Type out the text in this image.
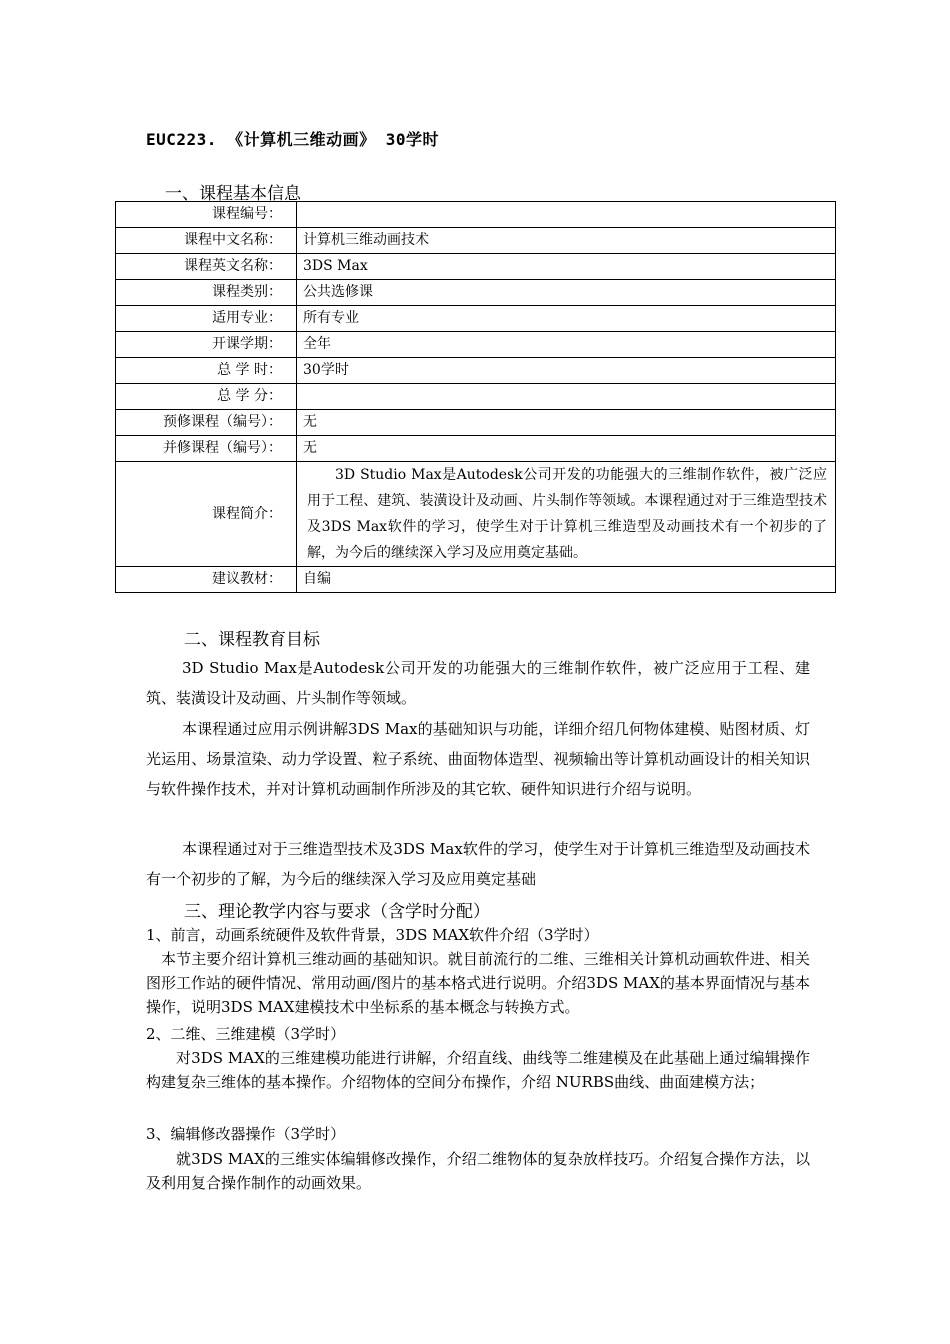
EUC223. 《计算机三维动画》 30学时
一、课程基本信息
课程编号：	
课程中文名称：	计算机三维动画技术
课程英文名称：	3DS Max
课程类别：	公共选修课
适用专业：	所有专业
开课学期：	全年
总 学 时：	30学时
总 学 分：	
预修课程（编号）：	无
并修课程（编号）：	无
课程简介：	3D Studio Max是Autodesk公司开发的功能强大的三维制作软件，被广泛应用于工程、建筑、装潢设计及动画、片头制作等领域。本课程通过对于三维造型技术及3DS Max软件的学习，使学生对于计算机三维造型及动画技术有一个初步的了解，为今后的继续深入学习及应用奠定基础。
建议教材：	自编
二、课程教育目标
3D Studio Max是Autodesk公司开发的功能强大的三维制作软件，被广泛应用于工程、建筑、装潢设计及动画、片头制作等领域。
本课程通过应用示例讲解3DS Max的基础知识与功能，详细介绍几何物体建模、贴图材质、灯光运用、场景渲染、动力学设置、粒子系统、曲面物体造型、视频输出等计算机动画设计的相关知识与软件操作技术，并对计算机动画制作所涉及的其它软、硬件知识进行介绍与说明。
本课程通过对于三维造型技术及3DS Max软件的学习，使学生对于计算机三维造型及动画技术有一个初步的了解，为今后的继续深入学习及应用奠定基础
三、理论教学内容与要求（含学时分配）
1、前言，动画系统硬件及软件背景，3DS MAX软件介绍（3学时）
本节主要介绍计算机三维动画的基础知识。就目前流行的二维、三维相关计算机动画软件进、相关图形工作站的硬件情况、常用动画/图片的基本格式进行说明。介绍3DS MAX的基本界面情况与基本操作，说明3DS MAX建模技术中坐标系的基本概念与转换方式。
2、二维、三维建模（3学时）
对3DS MAX的三维建模功能进行讲解，介绍直线、曲线等二维建模及在此基础上通过编辑操作构建复杂三维体的基本操作。介绍物体的空间分布操作，介绍 NURBS曲线、曲面建模方法；
3、编辑修改器操作（3学时）
就3DS MAX的三维实体编辑修改操作，介绍二维物体的复杂放样技巧。介绍复合操作方法，以及利用复合操作制作的动画效果。
